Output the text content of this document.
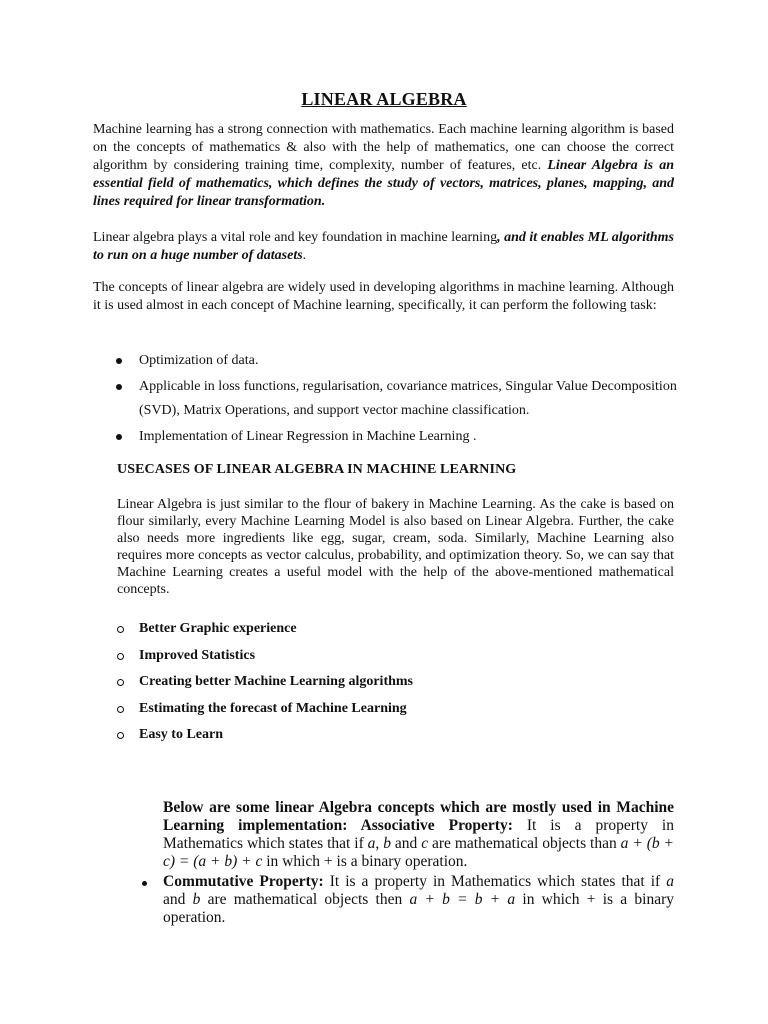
LINEAR ALGEBRA

Machine learning has a strong connection with mathematics. Each machine learning algorithm is based on the concepts of mathematics & also with the help of mathematics, one can choose the correct algorithm by considering training time, complexity, number of features, etc. Linear Algebra is an essential field of mathematics, which defines the study of vectors, matrices, planes, mapping, and lines required for linear transformation.

Linear algebra plays a vital role and key foundation in machine learning, and it enables ML algorithms to run on a huge number of datasets.

The concepts of linear algebra are widely used in developing algorithms in machine learning. Although it is used almost in each concept of Machine learning, specifically, it can perform the following task:

Optimization of data.
Applicable in loss functions, regularisation, covariance matrices, Singular Value Decomposition (SVD), Matrix Operations, and support vector machine classification.
Implementation of Linear Regression in Machine Learning .
USECASES OF LINEAR ALGEBRA IN MACHINE LEARNING

Linear Algebra is just similar to the flour of bakery in Machine Learning. As the cake is based on flour similarly, every Machine Learning Model is also based on Linear Algebra. Further, the cake also needs more ingredients like egg, sugar, cream, soda. Similarly, Machine Learning also requires more concepts as vector calculus, probability, and optimization theory. So, we can say that Machine Learning creates a useful model with the help of the above-mentioned mathematical concepts.

Better Graphic experience
Improved Statistics
Creating better Machine Learning algorithms
Estimating the forecast of Machine Learning
Easy to Learn

Below are some linear Algebra concepts which are mostly used in Machine Learning implementation: Associative Property: It is a property in Mathematics which states that if a, b and c are mathematical objects than a + (b + c) = (a + b) + c in which + is a binary operation.

Commutative Property: It is a property in Mathematics which states that if a and b are mathematical objects then a + b = b + a in which + is a binary operation.
